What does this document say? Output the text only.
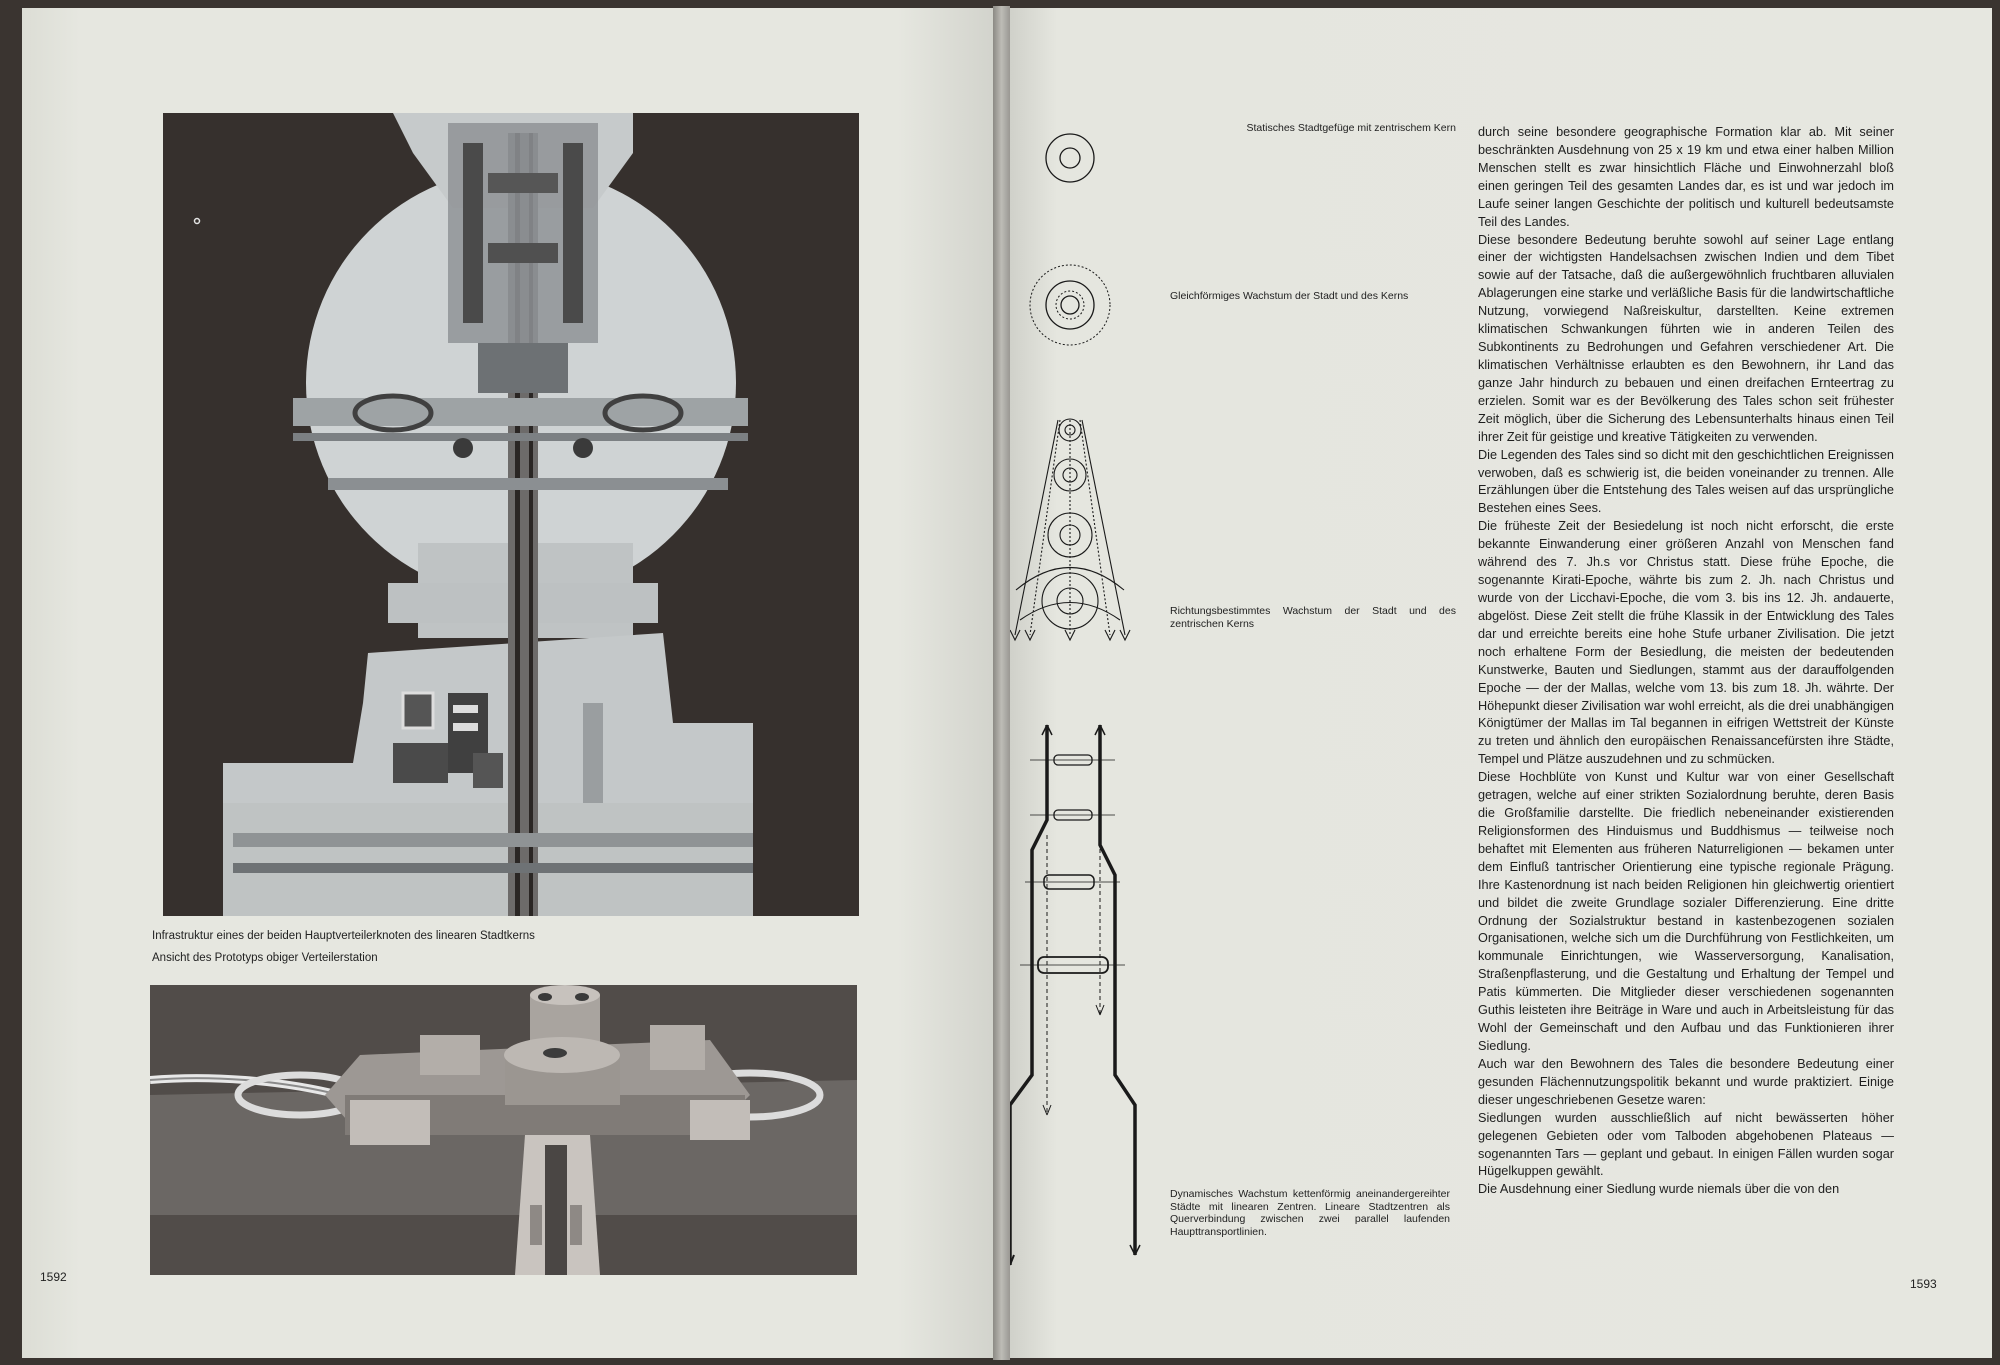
Infrastruktur eines der beiden Hauptverteilerknoten des linearen Stadtkerns
Ansicht des Prototyps obiger Verteilerstation
1592
Statisches Stadtgefüge mit zentrischem Kern
Gleichförmiges Wachstum der Stadt und des Kerns
Richtungsbestimmtes Wachstum der Stadt und des zentrischen Kerns
Dynamisches Wachstum kettenförmig aneinandergereihter Städte mit linearen Zentren. Lineare Stadtzentren als Querverbindung zwischen zwei parallel laufenden Haupttransportlinien.

durch seine besondere geographische Formation klar ab. Mit seiner beschränkten Ausdehnung von 25 x 19 km und etwa einer halben Million Menschen stellt es zwar hinsichtlich Fläche und Einwohnerzahl bloß einen geringen Teil des gesamten Landes dar, es ist und war jedoch im Laufe seiner langen Geschichte der politisch und kulturell bedeutsamste Teil des Landes.

Diese besondere Bedeutung beruhte sowohl auf seiner Lage entlang einer der wichtigsten Handelsachsen zwischen Indien und dem Tibet sowie auf der Tatsache, daß die außergewöhnlich fruchtbaren alluvialen Ablagerungen eine starke und verläßliche Basis für die landwirtschaftliche Nutzung, vorwiegend Naßreiskultur, darstellten. Keine extremen klimatischen Schwankungen führten wie in anderen Teilen des Subkontinents zu Bedrohungen und Gefahren verschiedener Art. Die klimatischen Verhältnisse erlaubten es den Bewohnern, ihr Land das ganze Jahr hindurch zu bebauen und einen dreifachen Ernteertrag zu erzielen. Somit war es der Bevölkerung des Tales schon seit frühester Zeit möglich, über die Sicherung des Lebensunterhalts hinaus einen Teil ihrer Zeit für geistige und kreative Tätigkeiten zu verwenden.

Die Legenden des Tales sind so dicht mit den geschichtlichen Ereignissen verwoben, daß es schwierig ist, die beiden voneinander zu trennen. Alle Erzählungen über die Entstehung des Tales weisen auf das ursprüngliche Bestehen eines Sees.

Die früheste Zeit der Besiedelung ist noch nicht erforscht, die erste bekannte Einwanderung einer größeren Anzahl von Menschen fand während des 7. Jh.s vor Christus statt. Diese frühe Epoche, die sogenannte Kirati-Epoche, währte bis zum 2. Jh. nach Christus und wurde von der Licchavi-Epoche, die vom 3. bis ins 12. Jh. andauerte, abgelöst. Diese Zeit stellt die frühe Klassik in der Entwicklung des Tales dar und erreichte bereits eine hohe Stufe urbaner Zivilisation. Die jetzt noch erhaltene Form der Besiedlung, die meisten der bedeutenden Kunstwerke, Bauten und Siedlungen, stammt aus der darauffolgenden Epoche — der der Mallas, welche vom 13. bis zum 18. Jh. währte. Der Höhepunkt dieser Zivilisation war wohl erreicht, als die drei unabhängigen Königtümer der Mallas im Tal begannen in eifrigen Wettstreit der Künste zu treten und ähnlich den europäischen Renaissancefürsten ihre Städte, Tempel und Plätze auszudehnen und zu schmücken.

Diese Hochblüte von Kunst und Kultur war von einer Gesellschaft getragen, welche auf einer strikten Sozialordnung beruhte, deren Basis die Großfamilie darstellte. Die friedlich nebeneinander existierenden Religionsformen des Hinduismus und Buddhismus — teilweise noch behaftet mit Elementen aus früheren Naturreligionen — bekamen unter dem Einfluß tantrischer Orientierung eine typische regionale Prägung. Ihre Kastenordnung ist nach beiden Religionen hin gleichwertig orientiert und bildet die zweite Grundlage sozialer Differenzierung. Eine dritte Ordnung der Sozialstruktur bestand in kastenbezogenen sozialen Organisationen, welche sich um die Durchführung von Festlichkeiten, um kommunale Einrichtungen, wie Wasserversorgung, Kanalisation, Straßenpflasterung, und die Gestaltung und Erhaltung der Tempel und Patis kümmerten. Die Mitglieder dieser verschiedenen sogenannten Guthis leisteten ihre Beiträge in Ware und auch in Arbeitsleistung für das Wohl der Gemeinschaft und den Aufbau und das Funktionieren ihrer Siedlung.

Auch war den Bewohnern des Tales die besondere Bedeutung einer gesunden Flächennutzungspolitik bekannt und wurde praktiziert. Einige dieser ungeschriebenen Gesetze waren:

Siedlungen wurden ausschließlich auf nicht bewässerten höher gelegenen Gebieten oder vom Talboden abgehobenen Plateaus — sogenannten Tars — geplant und gebaut. In einigen Fällen wurden sogar Hügelkuppen gewählt.

Die Ausdehnung einer Siedlung wurde niemals über die von den

1593
